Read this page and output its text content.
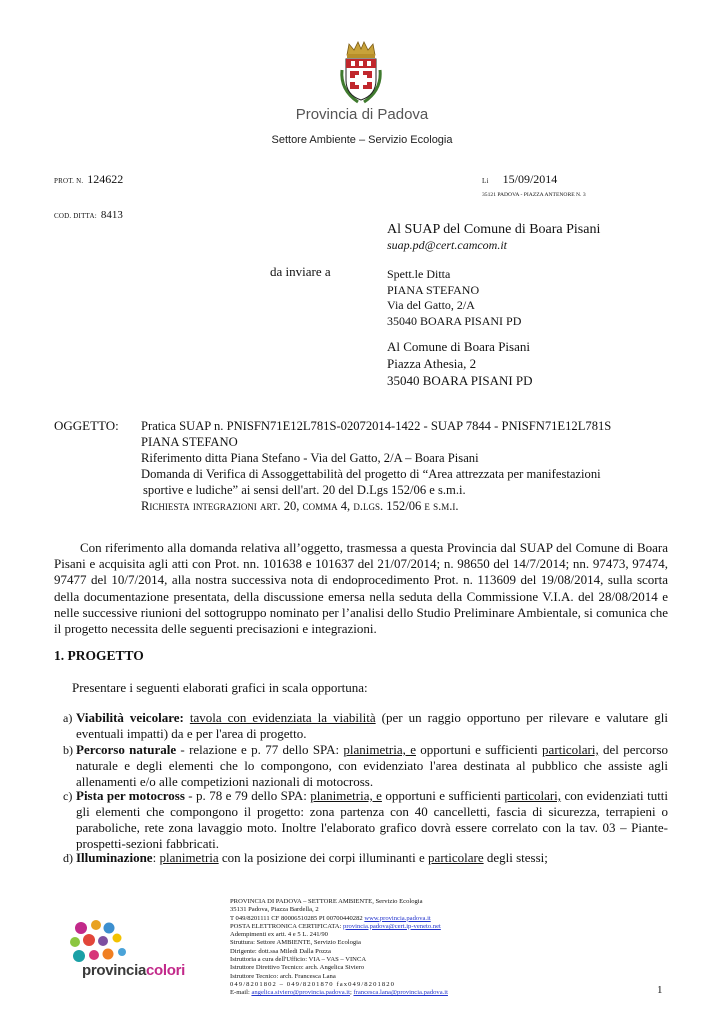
Provincia di Padova
Settore Ambiente – Servizio Ecologia
PROT. N. 124622
COD. DITTA: 8413
Li 15/09/2014
35121 PADOVA - PIAZZA ANTENORE N. 3
Al SUAP del Comune di Boara Pisani
suap.pd@cert.camcom.it
da inviare a	Spett.le Ditta
PIANA STEFANO
Via del Gatto, 2/A
35040 BOARA PISANI PD
Al Comune di Boara Pisani
Piazza Athesia, 2
35040 BOARA PISANI PD
OGGETTO: Pratica SUAP n. PNISFN71E12L781S-02072014-1422 - SUAP 7844 - PNISFN71E12L781S
PIANA STEFANO
Riferimento ditta Piana Stefano - Via del Gatto, 2/A – Boara Pisani
Domanda di Verifica di Assoggettabilità del progetto di “Area attrezzata per manifestazioni
sportive e ludiche” ai sensi dell'art. 20 del D.Lgs 152/06 e s.m.i.
Richiesta integrazioni art. 20, comma 4, d.lgs. 152/06 e s.m.i.
Con riferimento alla domanda relativa all’oggetto, trasmessa a questa Provincia dal SUAP del Comune di Boara Pisani e acquisita agli atti con Prot. nn. 101638 e 101637 del 21/07/2014; n. 98650 del 14/7/2014; nn. 97473, 97474, 97477 del 10/7/2014, alla nostra successiva nota di endoprocedimento Prot. n. 113609 del 19/08/2014, sulla scorta della documentazione presentata, della discussione emersa nella seduta della Commissione V.I.A. del 28/08/2014 e nelle successive riunioni del sottogruppo nominato per l’analisi dello Studio Preliminare Ambientale, si comunica che il progetto necessita delle seguenti precisazioni e integrazioni.
1. PROGETTO
Presentare i seguenti elaborati grafici in scala opportuna:
a) Viabilità veicolare: tavola con evidenziata la viabilità (per un raggio opportuno per rilevare e valutare gli eventuali impatti) da e per l'area di progetto.
b) Percorso naturale - relazione e p. 77 dello SPA: planimetria, e opportuni e sufficienti particolari, del percorso naturale e degli elementi che lo compongono, con evidenziato l'area destinata al pubblico che assiste agli allenamenti e/o alle competizioni nazionali di motocross.
c) Pista per motocross - p. 78 e 79 dello SPA: planimetria, e opportuni e sufficienti particolari, con evidenziati tutti gli elementi che compongono il progetto: zona partenza con 40 cancelletti, fascia di sicurezza, terrapieni o paraboliche, rete zona lavaggio moto. Inoltre l'elaborato grafico dovrà essere correlato con la tav. 03 – Piante-prospetti-sezioni fabbricati.
d) Illuminazione: planimetria con la posizione dei corpi illuminanti e particolare degli stessi;
provinciacolori
PROVINCIA DI PADOVA – SETTORE AMBIENTE, Servizio Ecologia
35131 Padova, Piazza Bardella, 2
T 049/8201111 CF 80006510285 PI 00700440282 www.provincia.padova.it
POSTA ELETTRONICA CERTIFICATA: provincia.padova@cert.ip-veneto.net
Adempimenti ex artt. 4 e 5 L. 241/90
Struttura: Settore AMBIENTE, Servizio Ecologia
Dirigente: dott.ssa Miledi Dalla Pozza
Istruttoria a cura dell'Ufficio: VIA – VAS – VINCA
Istruttore Direttivo Tecnico: arch. Angelica Siviero
Istruttore Tecnico: arch. Francesca Lana
049/8201802 – 049/8201870 fax049/8201820
E-mail: angelica.siviero@provincia.padova.it; francesca.lana@provincia.padova.it	1
